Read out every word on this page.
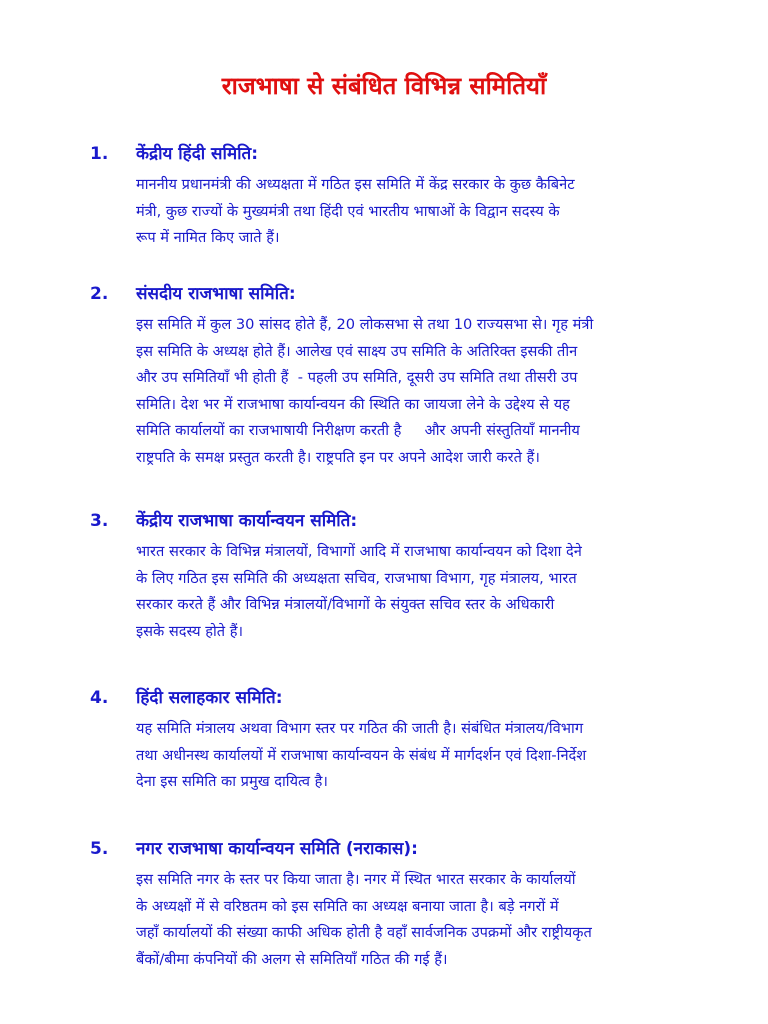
राजभाषा से संबंधित विभिन्न समितियाँ
1. केंद्रीय हिंदी समिति:
माननीय प्रधानमंत्री की अध्यक्षता में गठित इस समिति में केंद्र सरकार के कुछ कैबिनेट
मंत्री, कुछ राज्यों के मुख्यमंत्री तथा हिंदी एवं भारतीय भाषाओं के विद्वान सदस्य के
रूप में नामित किए जाते हैं।
2. संसदीय राजभाषा समिति:
इस समिति में कुल 30 सांसद होते हैं, 20 लोकसभा से तथा 10 राज्यसभा से। गृह मंत्री
इस समिति के अध्यक्ष होते हैं। आलेख एवं साक्ष्य उप समिति के अतिरिक्त इसकी तीन
और उप समितियाँ भी होती हैं  - पहली उप समिति, दूसरी उप समिति तथा तीसरी उप
समिति। देश भर में राजभाषा कार्यान्वयन की स्थिति का जायजा लेने के उद्देश्य से यह
समिति कार्यालयों का राजभाषायी निरीक्षण करती है     और अपनी संस्तुतियाँ माननीय
राष्ट्रपति के समक्ष प्रस्तुत करती है। राष्ट्रपति इन पर अपने आदेश जारी करते हैं।
3. केंद्रीय राजभाषा कार्यान्वयन समिति:
भारत सरकार के विभिन्न मंत्रालयों, विभागों आदि में राजभाषा कार्यान्वयन को दिशा देने
के लिए गठित इस समिति की अध्यक्षता सचिव, राजभाषा विभाग, गृह मंत्रालय, भारत
सरकार करते हैं और विभिन्न मंत्रालयों/विभागों के संयुक्त सचिव स्तर के अधिकारी
इसके सदस्य होते हैं।
4. हिंदी सलाहकार समिति:
यह समिति मंत्रालय अथवा विभाग स्तर पर गठित की जाती है। संबंधित मंत्रालय/विभाग
तथा अधीनस्थ कार्यालयों में राजभाषा कार्यान्वयन के संबंध में मार्गदर्शन एवं दिशा-निर्देश
देना इस समिति का प्रमुख दायित्व है।
5. नगर राजभाषा कार्यान्वयन समिति (नराकास):
इस समिति नगर के स्तर पर किया जाता है। नगर में स्थित भारत सरकार के कार्यालयों
के अध्यक्षों में से वरिष्ठतम को इस समिति का अध्यक्ष बनाया जाता है। बड़े नगरों में
जहाँ कार्यालयों की संख्या काफी अधिक होती है वहाँ सार्वजनिक उपक्रमों और राष्ट्रीयकृत
बैंकों/बीमा कंपनियों की अलग से समितियाँ गठित की गई हैं।
